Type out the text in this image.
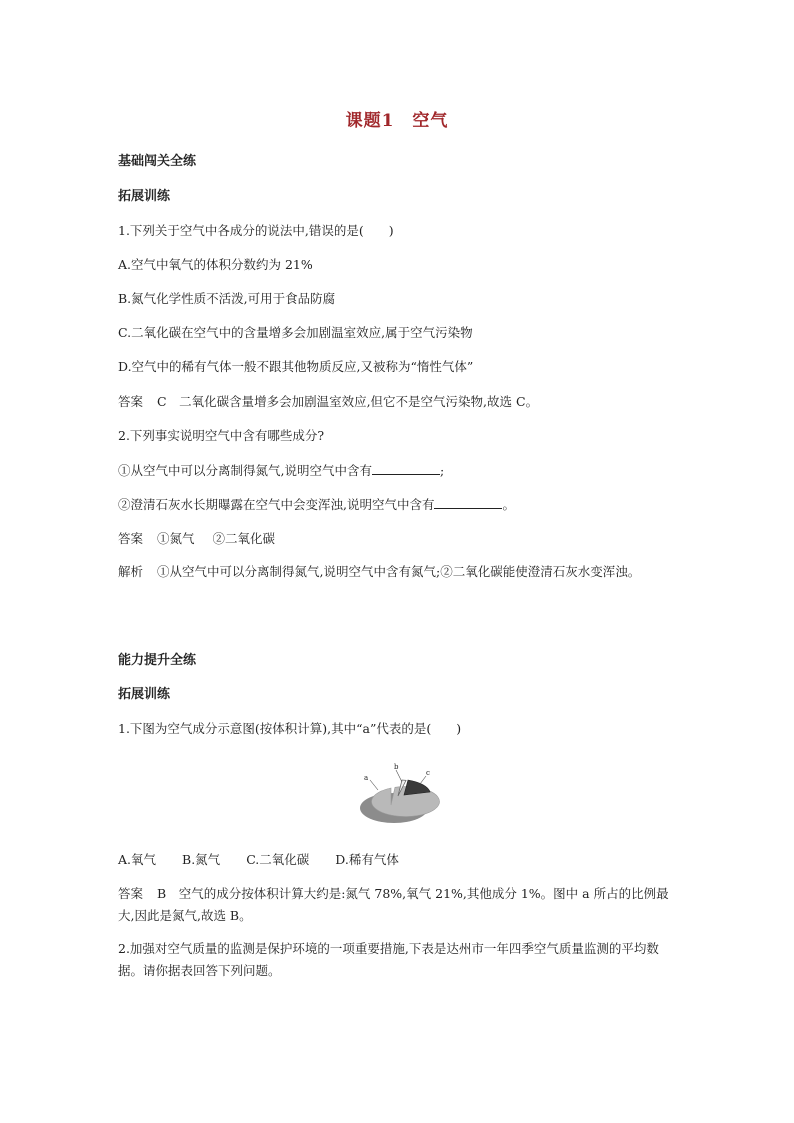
课题1　空气
基础闯关全练
拓展训练
1.下列关于空气中各成分的说法中,错误的是(　　)
A.空气中氧气的体积分数约为 21%
B.氮气化学性质不活泼,可用于食品防腐
C.二氧化碳在空气中的含量增多会加剧温室效应,属于空气污染物
D.空气中的稀有气体一般不跟其他物质反应,又被称为“惰性气体”
答案 C　二氧化碳含量增多会加剧温室效应,但它不是空气污染物,故选 C。
2.下列事实说明空气中含有哪些成分?
①从空气中可以分离制得氮气,说明空气中含有	;
②澄清石灰水长期曝露在空气中会变浑浊,说明空气中含有	。
答案 ①氮气 ②二氧化碳
解析 ①从空气中可以分离制得氮气,说明空气中含有氮气;②二氧化碳能使澄清石灰水变浑浊。
能力提升全练
拓展训练
1.下图为空气成分示意图(按体积计算),其中“a”代表的是(　　)
a
b
c
A.氧气 B.氮气 C.二氧化碳 D.稀有气体
答案 B　空气的成分按体积计算大约是:氮气 78%,氧气 21%,其他成分 1%。图中 a 所占的比例最大,因此是氮气,故选 B。
2.加强对空气质量的监测是保护环境的一项重要措施,下表是达州市一年四季空气质量监测的平均数据。请你据表回答下列问题。
